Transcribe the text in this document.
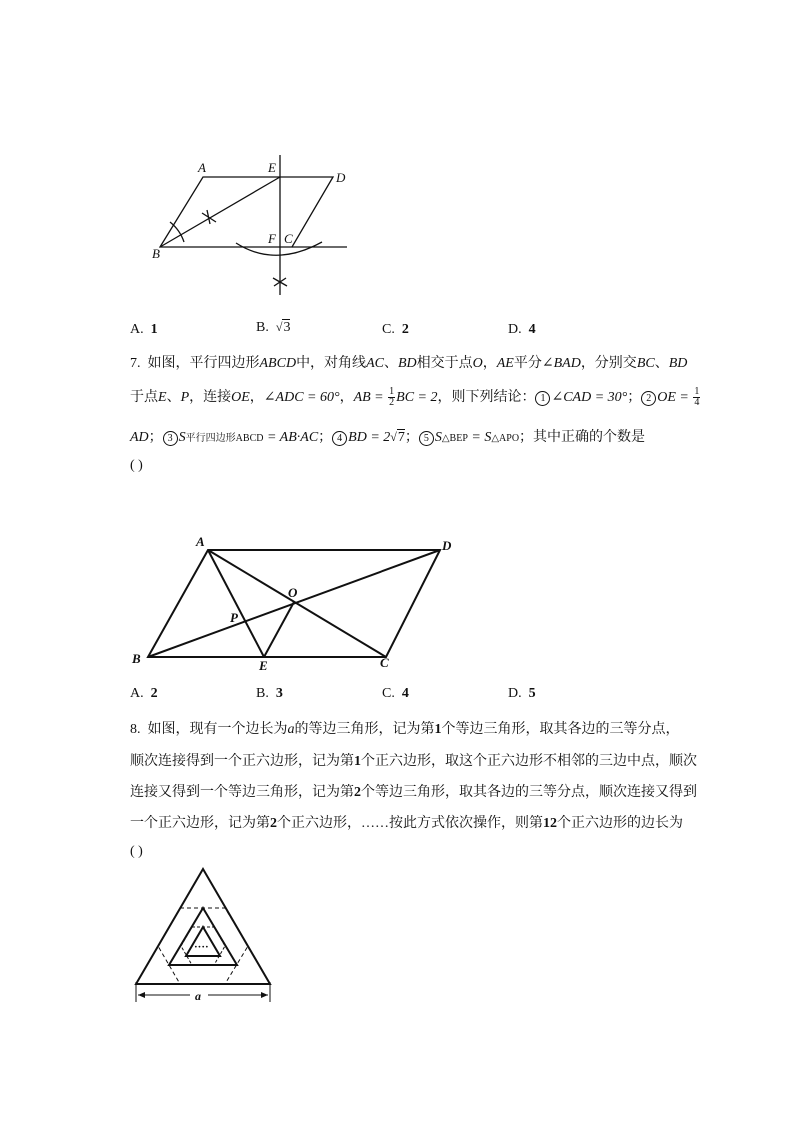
A	E
D
B
F C
A. 1	B. √3	C. 2	D. 4
7. 如图，平行四边形ABCD中，对角线AC、BD相交于点O，AE平分∠BAD，分别交BC、BD
于点E、P，连接OE，∠ADC = 60°，AB = $\frac{1}{2}$ BC = 2，则下列结论： 1 ∠CAD = 30°； 2 OE = $\frac{1}{4}$
AD； 3 S平行四边形ABCD = AB·AC； 4 BD = 2√7； 5 S△BEP = S△APO；其中正确的个数是
( )
A	D
O
P
B	E	C
A. 2	B. 3	C. 4	D. 5
8. 如图，现有一个边长为a的等边三角形，记为第1个等边三角形，取其各边的三等分点，
顺次连接得到一个正六边形，记为第1个正六边形，取这个正六边形不相邻的三边中点，顺次
连接又得到一个等边三角形，记为第2个等边三角形，取其各边的三等分点，顺次连接又得到
一个正六边形，记为第2个正六边形，……按此方式依次操作，则第12个正六边形的边长为
( )
····
a
